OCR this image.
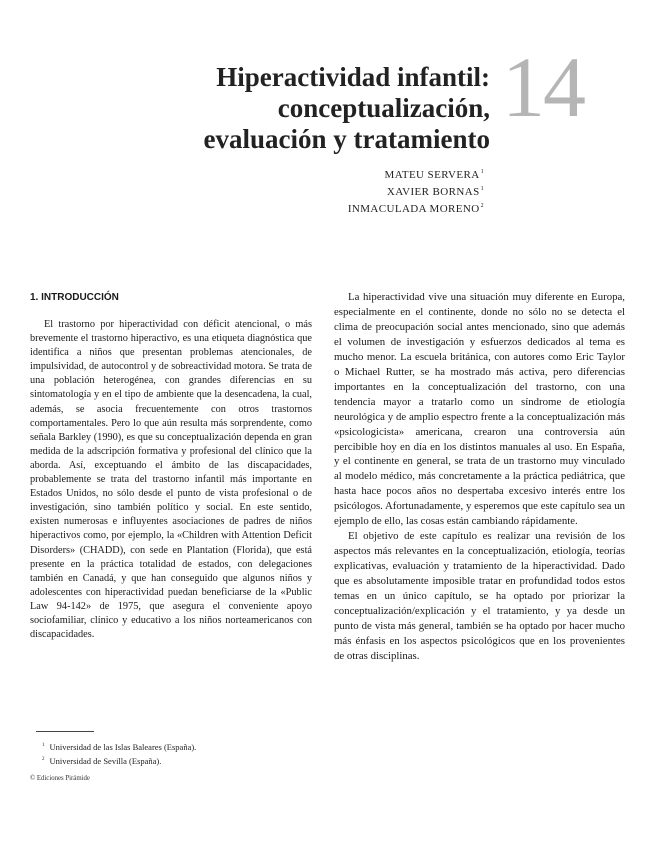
14
Hiperactividad infantil:
conceptualización,
evaluación y tratamiento
MATEU SERVERA$^1$
XAVIER BORNAS$^1$
INMACULADA MORENO$^2$
1. INTRODUCCIÓN

El trastorno por hiperactividad con déficit atencional, o más brevemente el trastorno hiperactivo, es una etiqueta diagnóstica que identifica a niños que presentan problemas atencionales, de impulsividad, de autocontrol y de sobreactividad motora. Se trata de una población heterogénea, con grandes diferencias en su sintomatología y en el tipo de ambiente que la desencadena, la cual, además, se asocia frecuentemente con otros trastornos comportamentales. Pero lo que aún resulta más sorprendente, como señala Barkley (1990), es que su conceptualización dependa en gran medida de la adscripción formativa y profesional del clínico que la aborda. Así, exceptuando el ámbito de las discapacidades, probablemente se trata del trastorno infantil más importante en Estados Unidos, no sólo desde el punto de vista profesional o de investigación, sino también político y social. En este sentido, existen numerosas e influyentes asociaciones de padres de niños hiperactivos como, por ejemplo, la «Children with Attention Deficit Disorders» (CHADD), con sede en Plantation (Florida), que está presente en la práctica totalidad de estados, con delegaciones también en Canadá, y que han conseguido que algunos niños y adolescentes con hiperactividad puedan beneficiarse de la «Public Law 94-142» de 1975, que asegura el conveniente apoyo sociofamiliar, clínico y educativo a los niños norteamericanos con discapacidades.

La hiperactividad vive una situación muy diferente en Europa, especialmente en el continente, donde no sólo no se detecta el clima de preocupación social antes mencionado, sino que además el volumen de investigación y esfuerzos dedicados al tema es mucho menor. La escuela británica, con autores como Eric Taylor o Michael Rutter, se ha mostrado más activa, pero diferencias importantes en la conceptualización del trastorno, con una tendencia mayor a tratarlo como un síndrome de etiología neurológica y de amplio espectro frente a la conceptualización más «psicologicista» americana, crearon una controversia aún percibible hoy en día en los distintos manuales al uso. En España, y el continente en general, se trata de un trastorno muy vinculado al modelo médico, más concretamente a la práctica pediátrica, que hasta hace pocos años no despertaba excesivo interés entre los psicólogos. Afortunadamente, y esperemos que este capítulo sea un ejemplo de ello, las cosas están cambiando rápidamente.

El objetivo de este capítulo es realizar una revisión de los aspectos más relevantes en la conceptualización, etiología, teorías explicativas, evaluación y tratamiento de la hiperactividad. Dado que es absolutamente imposible tratar en profundidad todos estos temas en un único capítulo, se ha optado por priorizar la conceptualización/explicación y el tratamiento, y ya desde un punto de vista más general, también se ha optado por hacer mucho más énfasis en los aspectos psicológicos que en los provenientes de otras disciplinas.

$^1$ Universidad de las Islas Baleares (España).
$^2$ Universidad de Sevilla (España).
© Ediciones Pirámide
